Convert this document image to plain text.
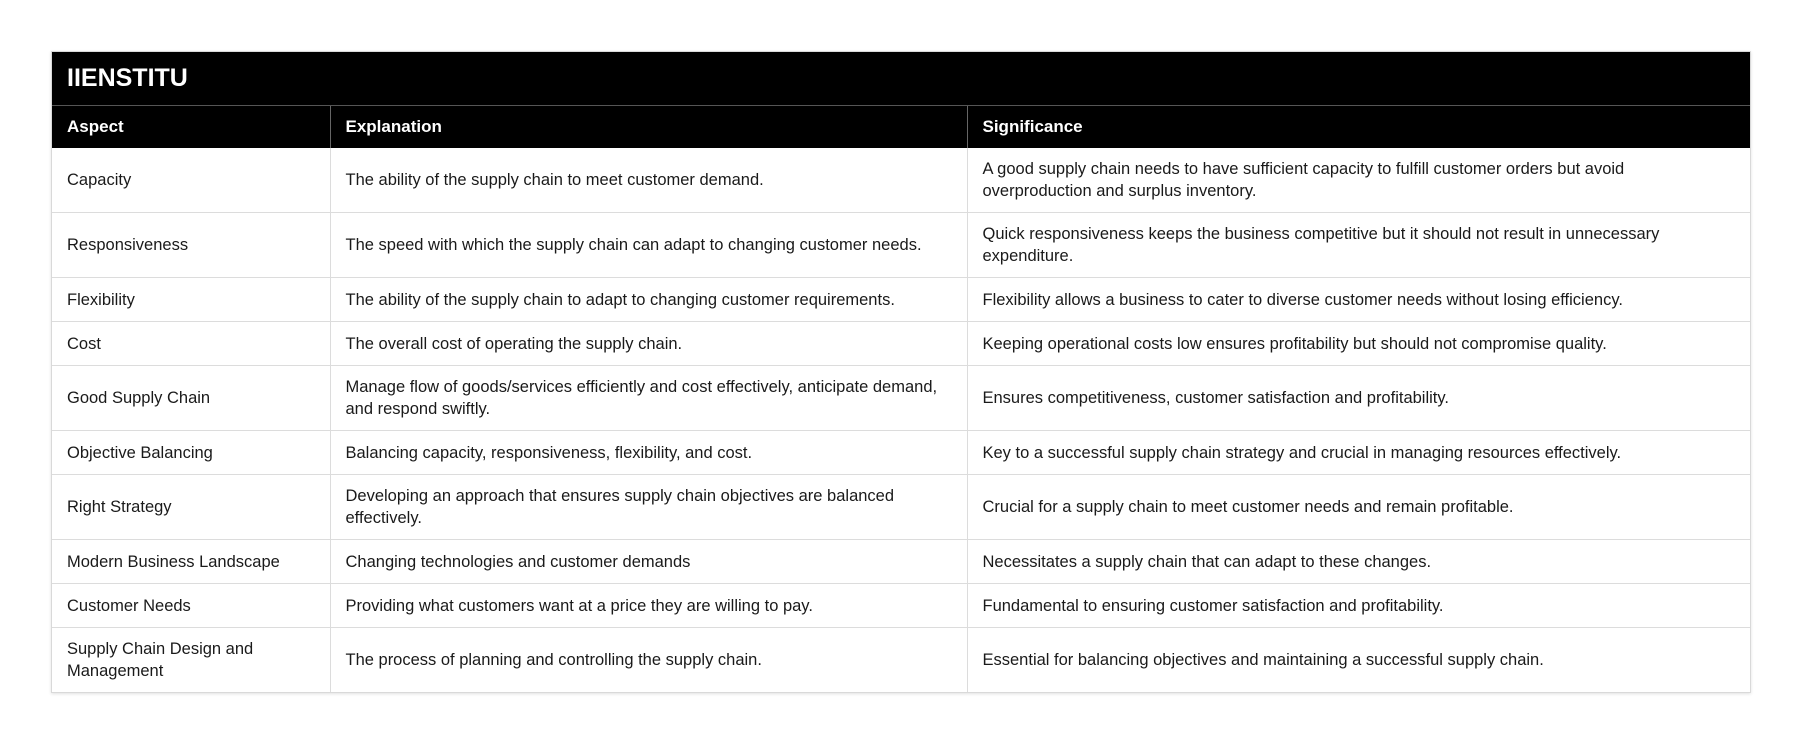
IIENSTITU		
Aspect	Explanation	Significance
Capacity	The ability of the supply chain to meet customer demand.	A good supply chain needs to have sufficient capacity to fulfill customer orders but avoid overproduction and surplus inventory.
Responsiveness	The speed with which the supply chain can adapt to changing customer needs.	Quick responsiveness keeps the business competitive but it should not result in unnecessary expenditure.
Flexibility	The ability of the supply chain to adapt to changing customer requirements.	Flexibility allows a business to cater to diverse customer needs without losing efficiency.
Cost	The overall cost of operating the supply chain.	Keeping operational costs low ensures profitability but should not compromise quality.
Good Supply Chain	Manage flow of goods/services efficiently and cost effectively, anticipate demand, and respond swiftly.	Ensures competitiveness, customer satisfaction and profitability.
Objective Balancing	Balancing capacity, responsiveness, flexibility, and cost.	Key to a successful supply chain strategy and crucial in managing resources effectively.
Right Strategy	Developing an approach that ensures supply chain objectives are balanced effectively.	Crucial for a supply chain to meet customer needs and remain profitable.
Modern Business Landscape	Changing technologies and customer demands	Necessitates a supply chain that can adapt to these changes.
Customer Needs	Providing what customers want at a price they are willing to pay.	Fundamental to ensuring customer satisfaction and profitability.
Supply Chain Design and Management	The process of planning and controlling the supply chain.	Essential for balancing objectives and maintaining a successful supply chain.
